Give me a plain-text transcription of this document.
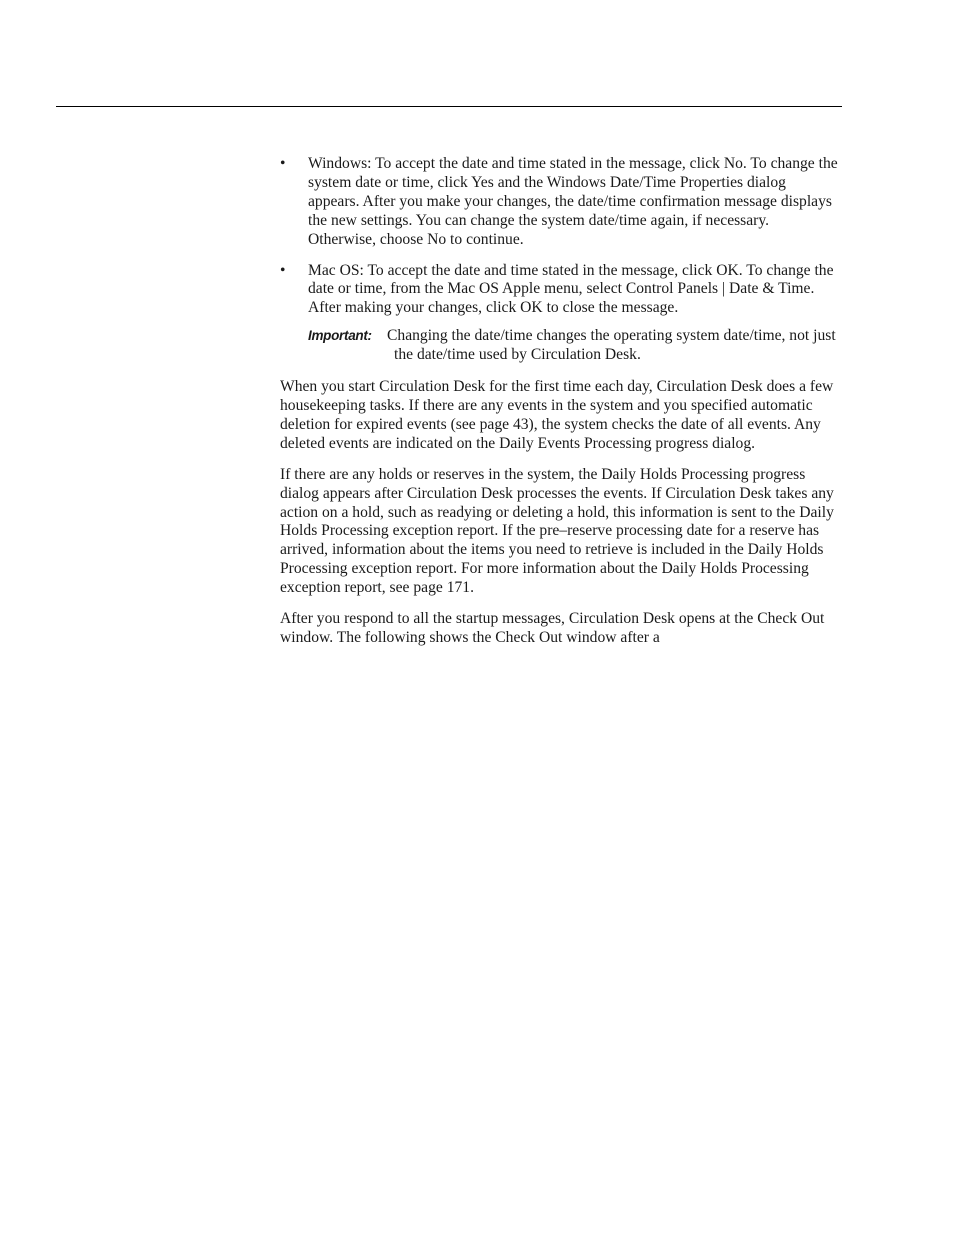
• Windows: To accept the date and time stated in the message, click No. To change the system date or time, click Yes and the Windows Date/Time Properties dialog appears. After you make your changes, the date/time confirmation message displays the new settings. You can change the system date/time again, if necessary. Otherwise, choose No to continue.
• Mac OS: To accept the date and time stated in the message, click OK. To change the date or time, from the Mac OS Apple menu, select Control Panels | Date & Time. After making your changes, click OK to close the message.
Important: Changing the date/time changes the operating system date/time, not just the date/time used by Circulation Desk.

When you start Circulation Desk for the first time each day, Circulation Desk does a few housekeeping tasks. If there are any events in the system and you specified automatic deletion for expired events (see page 43), the system checks the date of all events. Any deleted events are indicated on the Daily Events Processing progress dialog.

If there are any holds or reserves in the system, the Daily Holds Processing progress dialog appears after Circulation Desk processes the events. If Circulation Desk takes any action on a hold, such as readying or deleting a hold, this information is sent to the Daily Holds Processing exception report. If the pre–reserve processing date for a reserve has arrived, information about the items you need to retrieve is included in the Daily Holds Processing exception report. For more information about the Daily Holds Processing exception report, see page 171.

After you respond to all the startup messages, Circulation Desk opens at the Check Out window. The following shows the Check Out window after a
